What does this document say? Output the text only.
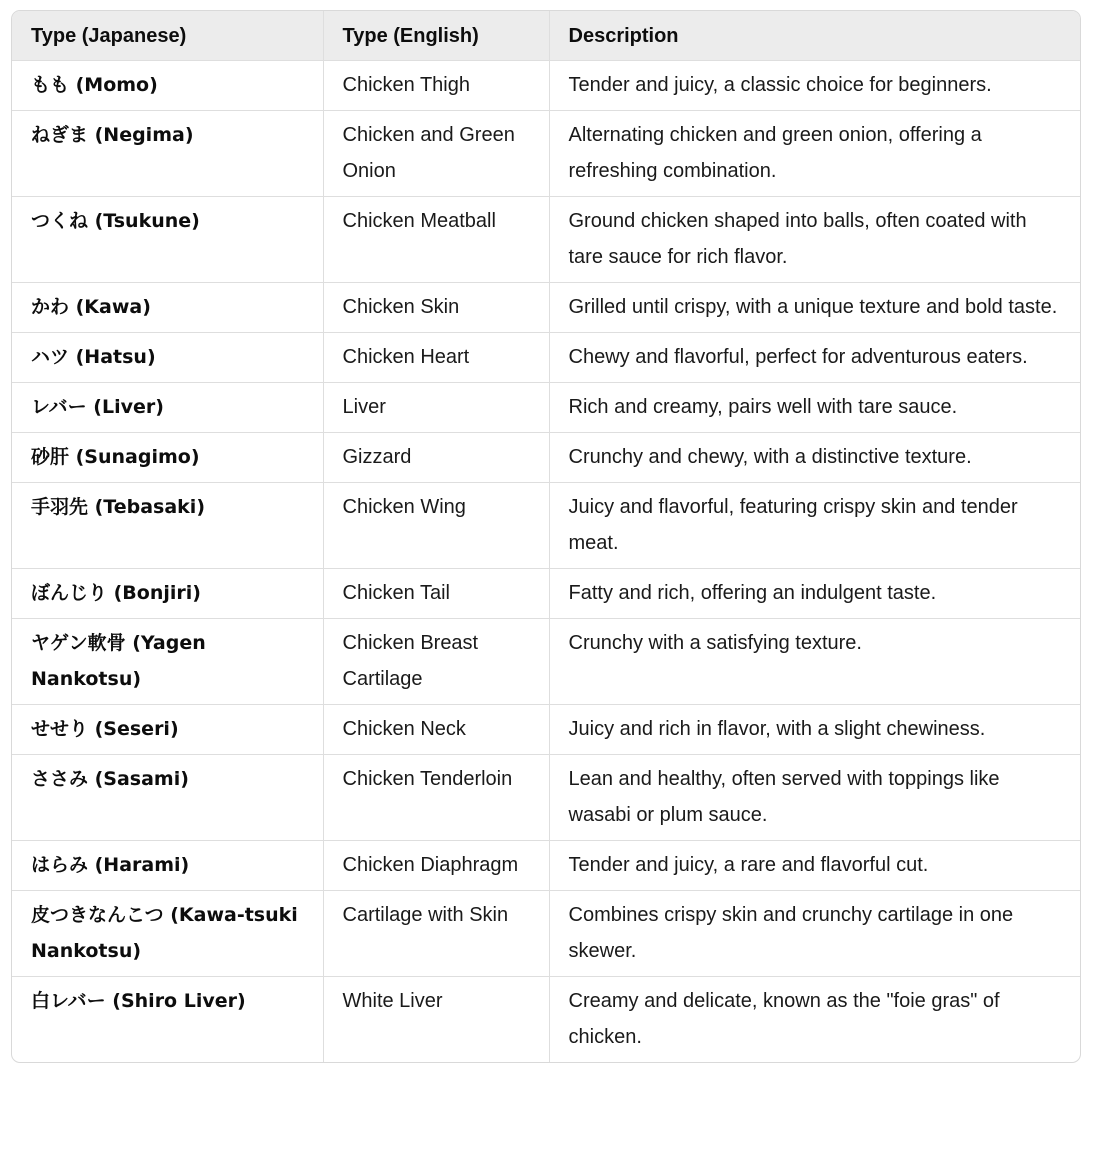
Type (Japanese)	Type (English)	Description
もも (Momo)	Chicken Thigh	Tender and juicy, a classic choice for beginners.
ねぎま (Negima)	Chicken and Green Onion	Alternating chicken and green onion, offering a refreshing combination.
つくね (Tsukune)	Chicken Meatball	Ground chicken shaped into balls, often coated with tare sauce for rich flavor.
かわ (Kawa)	Chicken Skin	Grilled until crispy, with a unique texture and bold taste.
ハツ (Hatsu)	Chicken Heart	Chewy and flavorful, perfect for adventurous eaters.
レバー (Liver)	Liver	Rich and creamy, pairs well with tare sauce.
砂肝 (Sunagimo)	Gizzard	Crunchy and chewy, with a distinctive texture.
手羽先 (Tebasaki)	Chicken Wing	Juicy and flavorful, featuring crispy skin and tender meat.
ぼんじり (Bonjiri)	Chicken Tail	Fatty and rich, offering an indulgent taste.
ヤゲン軟骨 (Yagen Nankotsu)	Chicken Breast Cartilage	Crunchy with a satisfying texture.
せせり (Seseri)	Chicken Neck	Juicy and rich in flavor, with a slight chewiness.
ささみ (Sasami)	Chicken Tenderloin	Lean and healthy, often served with toppings like wasabi or plum sauce.
はらみ (Harami)	Chicken Diaphragm	Tender and juicy, a rare and flavorful cut.
皮つきなんこつ (Kawa-tsuki Nankotsu)	Cartilage with Skin	Combines crispy skin and crunchy cartilage in one skewer.
白レバー (Shiro Liver)	White Liver	Creamy and delicate, known as the "foie gras" of chicken.
